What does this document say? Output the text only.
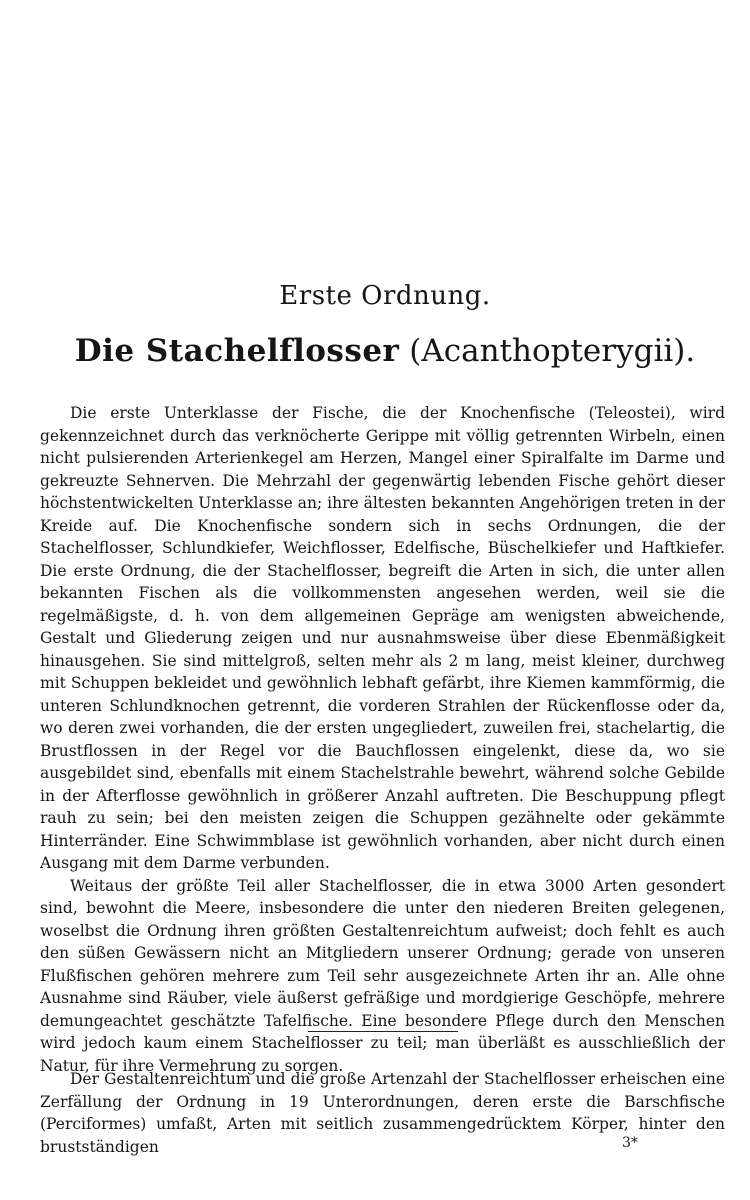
Erste Ordnung.
Die Stachelflosser (Acanthopterygii).

Die erste Unterklasse der Fische, die der Knochenfische (Teleostei), wird gekennzeichnet durch das verknöcherte Gerippe mit völlig getrennten Wirbeln, einen nicht pulsierenden Arterienkegel am Herzen, Mangel einer Spiralfalte im Darme und gekreuzte Sehnerven. Die Mehrzahl der gegenwärtig lebenden Fische gehört dieser höchstentwickelten Unterklasse an; ihre ältesten bekannten Angehörigen treten in der Kreide auf. Die Knochenfische sondern sich in sechs Ordnungen, die der Stachelflosser, Schlundkiefer, Weichflosser, Edelfische, Büschelkiefer und Haftkiefer. Die erste Ordnung, die der Stachelflosser, begreift die Arten in sich, die unter allen bekannten Fischen als die vollkommensten angesehen werden, weil sie die regelmäßigste, d. h. von dem allgemeinen Gepräge am wenigsten abweichende, Gestalt und Gliederung zeigen und nur ausnahmsweise über diese Ebenmäßigkeit hinausgehen. Sie sind mittelgroß, selten mehr als 2 m lang, meist kleiner, durchweg mit Schuppen bekleidet und gewöhnlich lebhaft gefärbt, ihre Kiemen kammförmig, die unteren Schlundknochen getrennt, die vorderen Strahlen der Rückenflosse oder da, wo deren zwei vorhanden, die der ersten ungegliedert, zuweilen frei, stachelartig, die Brustflossen in der Regel vor die Bauchflossen eingelenkt, diese da, wo sie ausgebildet sind, ebenfalls mit einem Stachelstrahle bewehrt, während solche Gebilde in der Afterflosse gewöhnlich in größerer Anzahl auftreten. Die Beschuppung pflegt rauh zu sein; bei den meisten zeigen die Schuppen gezähnelte oder gekämmte Hinterränder. Eine Schwimmblase ist gewöhnlich vorhanden, aber nicht durch einen Ausgang mit dem Darme verbunden.

Weitaus der größte Teil aller Stachelflosser, die in etwa 3000 Arten gesondert sind, bewohnt die Meere, insbesondere die unter den niederen Breiten gelegenen, woselbst die Ordnung ihren größten Gestaltenreichtum aufweist; doch fehlt es auch den süßen Gewässern nicht an Mitgliedern unserer Ordnung; gerade von unseren Flußfischen gehören mehrere zum Teil sehr ausgezeichnete Arten ihr an. Alle ohne Ausnahme sind Räuber, viele äußerst gefräßige und mordgierige Geschöpfe, mehrere demungeachtet geschätzte Tafelfische. Eine besondere Pflege durch den Menschen wird jedoch kaum einem Stachelflosser zu teil; man überläßt es ausschließlich der Natur, für ihre Vermehrung zu sorgen.

Der Gestaltenreichtum und die große Artenzahl der Stachelflosser erheischen eine Zerfällung der Ordnung in 19 Unterordnungen, deren erste die Barschfische (Perciformes) umfaßt, Arten mit seitlich zusammengedrücktem Körper, hinter den brustständigen	3*
